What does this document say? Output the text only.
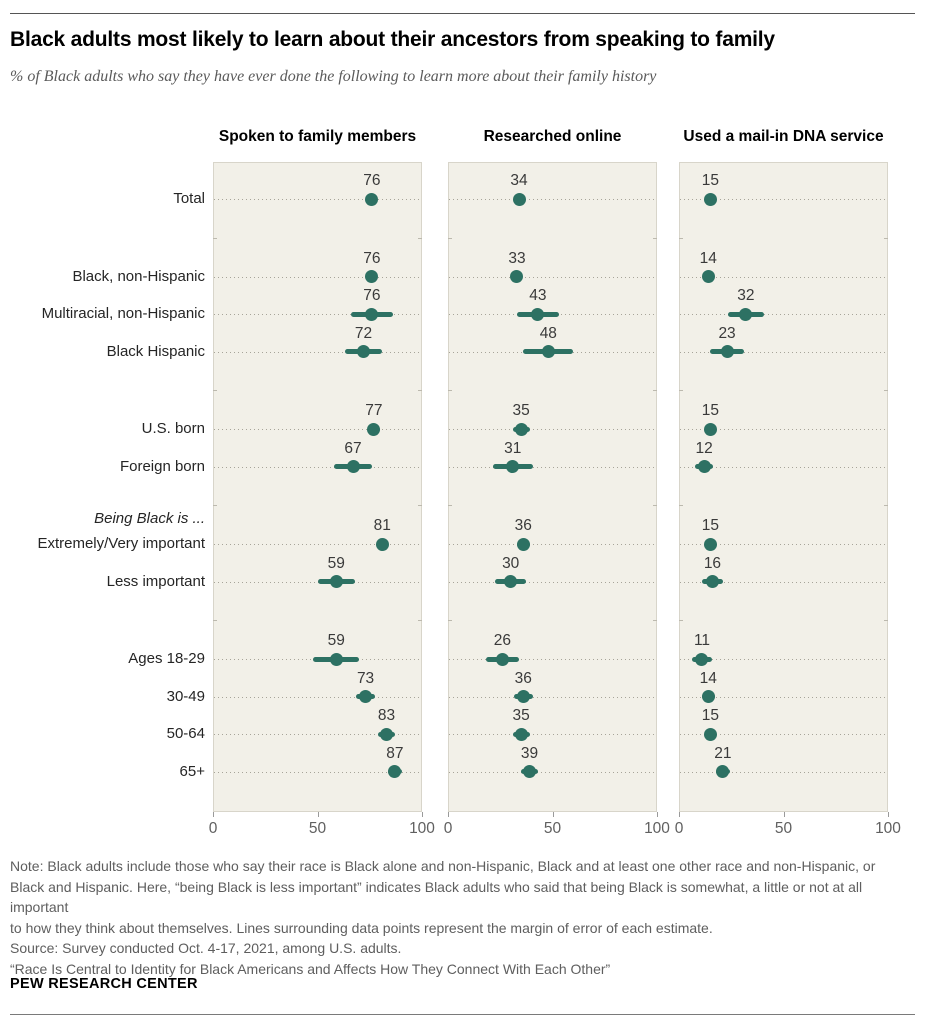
Black adults most likely to learn about their ancestors from speaking to family

% of Black adults who say they have ever done the following to learn more about their family history

Spoken to family members
0	50	100
Researched online
0	50	100
Used a mail-in DNA service
0	50	100
Total
76	34	15
Black, non-Hispanic
76	33	14
Multiracial, non-Hispanic
76	43	32
Black Hispanic
72	48	23
U.S. born
77	35	15
Foreign born
67	31	12
Being Black is ...
Extremely/Very important
81	36	15
Less important
59	30	16
Ages 18-29
59	26	11
30-49
73	36	14
50-64
83	35	15
65+
87	39	21
Note: Black adults include those who say their race is Black alone and non-Hispanic, Black and at least one other race and non-Hispanic, or
Black and Hispanic. Here, “being Black is less important” indicates Black adults who said that being Black is somewhat, a little or not at all
important
to how they think about themselves. Lines surrounding data points represent the margin of error of each estimate.
Source: Survey conducted Oct. 4-17, 2021, among U.S. adults.
“Race Is Central to Identity for Black Americans and Affects How They Connect With Each Other”
PEW RESEARCH CENTER
